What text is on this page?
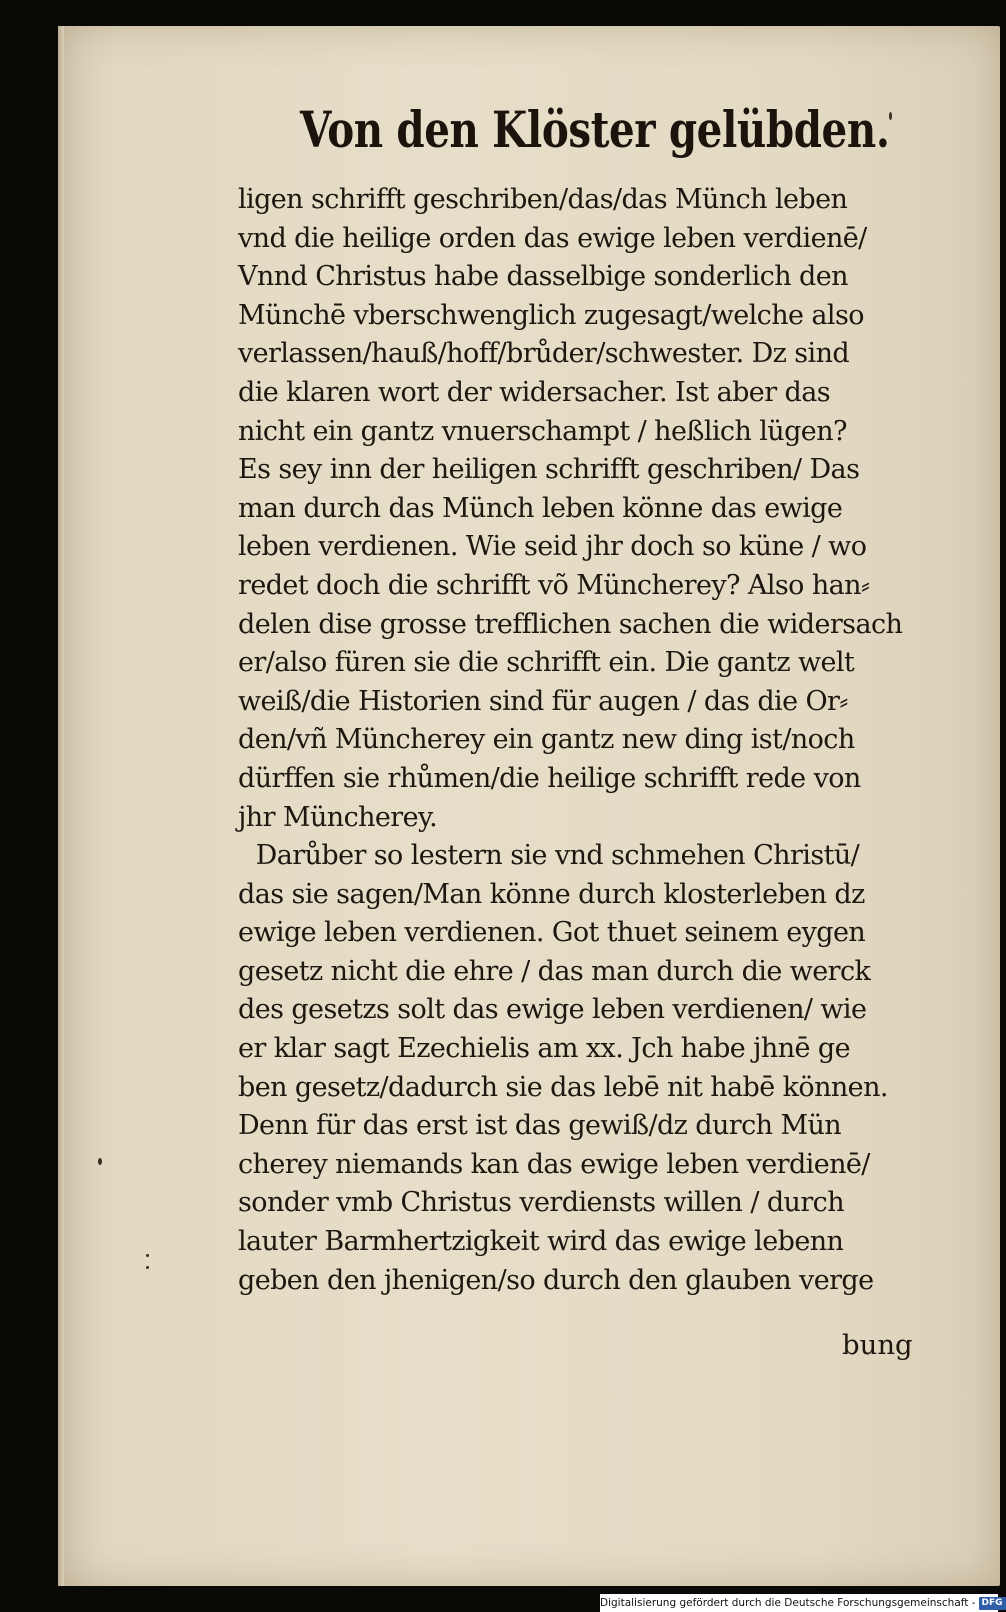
Von den Klöster gelübden.
ligen schrifft geschriben/das/das Münch leben
vnd die heilige orden das ewige leben verdienē/
Vnnd Christus habe dasselbige sonderlich den
Münchē vberschwenglich zugesagt/welche also
verlassen/hauß/hoff/brůder/schwester. Dz sind
die klaren wort der widersacher. Ist aber das
nicht ein gantz vnuerschampt / heßlich lügen?
Es sey inn der heiligen schrifft geschriben/ Das
man durch das Münch leben könne das ewige
leben verdienen. Wie seid jhr doch so küne / wo
redet doch die schrifft võ Müncherey? Also han⸗
delen dise grosse trefflichen sachen die widersach
er/also füren sie die schrifft ein. Die gantz welt
weiß/die Historien sind für augen / das die Or⸗
den/vñ Müncherey ein gantz new ding ist/noch
dürffen sie rhůmen/die heilige schrifft rede von
jhr Müncherey.
Darůber so lestern sie vnd schmehen Christū/
das sie sagen/Man könne durch klosterleben dz
ewige leben verdienen. Got thuet seinem eygen
gesetz nicht die ehre / das man durch die werck
des gesetzs solt das ewige leben verdienen/ wie
er klar sagt Ezechielis am xx. Jch habe jhnē ge
ben gesetz/dadurch sie das lebē nit habē können.
Denn für das erst ist das gewiß/dz durch Mün
cherey niemands kan das ewige leben verdienē/
sonder vmb Christus verdiensts willen / durch
lauter Barmhertzigkeit wird das ewige lebenn
geben den jhenigen/so durch den glauben verge
bung
Digitalisierung gefördert durch die Deutsche Forschungsgemeinschaft - DFG
